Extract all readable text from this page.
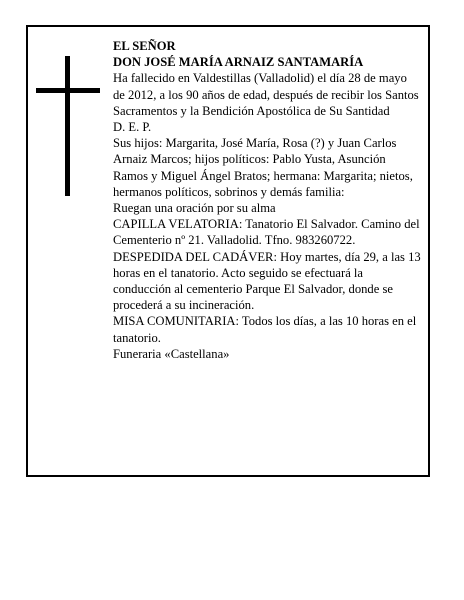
EL SEÑOR

DON JOSÉ MARÍA ARNAIZ SANTAMARÍA

Ha fallecido en Valdestillas (Valladolid) el día 28 de mayo de 2012, a los 90 años de edad, después de recibir los Santos Sacramentos y la Bendición Apostólica de Su Santidad

D. E. P.

Sus hijos: Margarita, José María, Rosa (?) y Juan Carlos Arnaiz Marcos; hijos políticos: Pablo Yusta, Asunción Ramos y Miguel Ángel Bratos; hermana: Margarita; nietos, hermanos políticos, sobrinos y demás familia:

Ruegan una oración por su alma

CAPILLA VELATORIA: Tanatorio El Salvador. Camino del Cementerio nº 21. Valladolid. Tfno. 983260722.

DESPEDIDA DEL CADÁVER: Hoy martes, día 29, a las 13 horas en el tanatorio. Acto seguido se efectuará la conducción al cementerio Parque El Salvador, donde se procederá a su incineración.

MISA COMUNITARIA: Todos los días, a las 10 horas en el tanatorio.

Funeraria «Castellana»
